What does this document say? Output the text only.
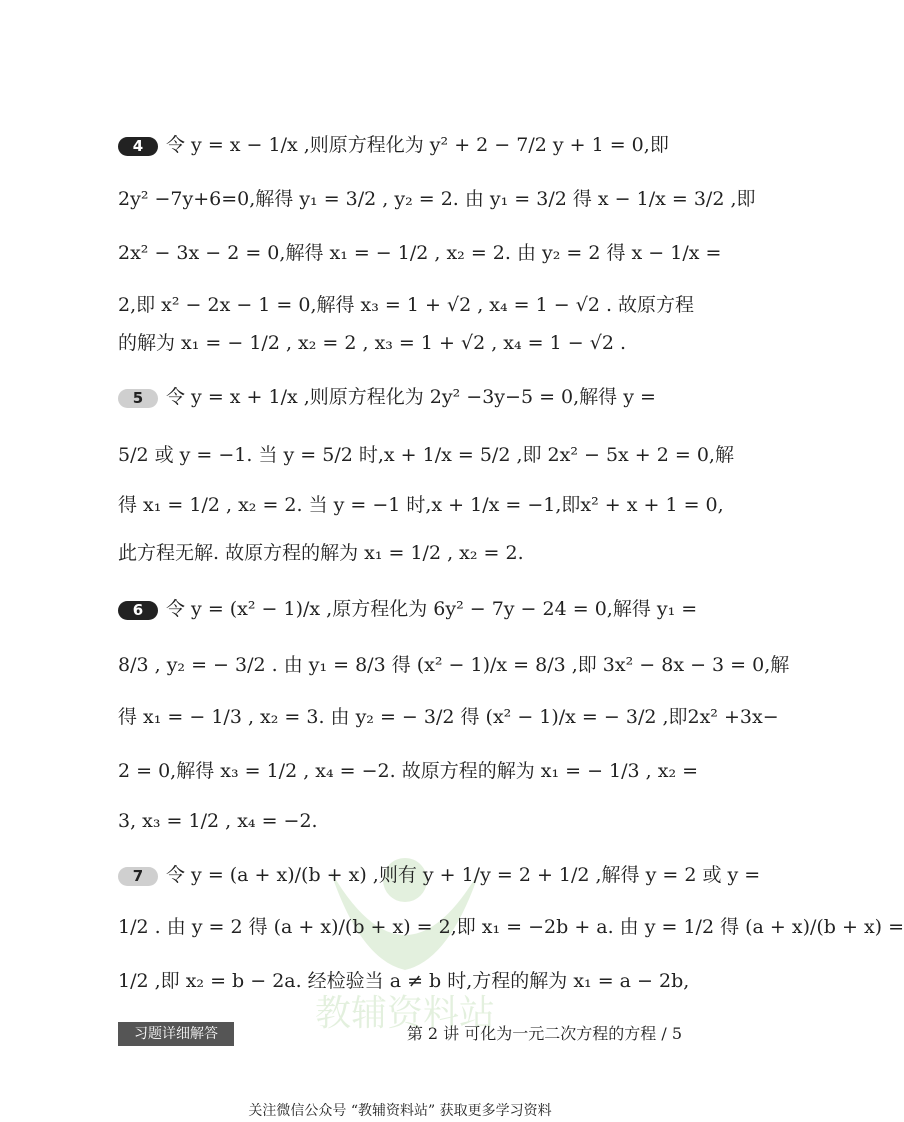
4 令 y = x − 1/x ,则原方程化为 y² + 2 − 7/2 y + 1 = 0,即
2y² −7y+6=0,解得 y₁ = 3/2 , y₂ = 2. 由 y₁ = 3/2 得 x − 1/x = 3/2 ,即
2x² − 3x − 2 = 0,解得 x₁ = − 1/2 , x₂ = 2. 由 y₂ = 2 得 x − 1/x =
2,即 x² − 2x − 1 = 0,解得 x₃ = 1 + √2 , x₄ = 1 − √2 . 故原方程
的解为 x₁ = − 1/2 , x₂ = 2 , x₃ = 1 + √2 , x₄ = 1 − √2 .
5 令 y = x + 1/x ,则原方程化为 2y² −3y−5 = 0,解得 y =
5/2 或 y = −1. 当 y = 5/2 时,x + 1/x = 5/2 ,即 2x² − 5x + 2 = 0,解
得 x₁ = 1/2 , x₂ = 2. 当 y = −1 时,x + 1/x = −1,即x² + x + 1 = 0,
此方程无解. 故原方程的解为 x₁ = 1/2 , x₂ = 2.
6 令 y = (x² − 1)/x ,原方程化为 6y² − 7y − 24 = 0,解得 y₁ =
8/3 , y₂ = − 3/2 . 由 y₁ = 8/3 得 (x² − 1)/x = 8/3 ,即 3x² − 8x − 3 = 0,解
得 x₁ = − 1/3 , x₂ = 3. 由 y₂ = − 3/2 得 (x² − 1)/x = − 3/2 ,即2x² +3x−
2 = 0,解得 x₃ = 1/2 , x₄ = −2. 故原方程的解为 x₁ = − 1/3 , x₂ =
3, x₃ = 1/2 , x₄ = −2.
教辅资料站
7 令 y = (a + x)/(b + x) ,则有 y + 1/y = 2 + 1/2 ,解得 y = 2 或 y =
1/2 . 由 y = 2 得 (a + x)/(b + x) = 2,即 x₁ = −2b + a. 由 y = 1/2 得 (a + x)/(b + x) =
1/2 ,即 x₂ = b − 2a. 经检验当 a ≠ b 时,方程的解为 x₁ = a − 2b,
习题详细解答	第 2 讲 可化为一元二次方程的方程 / 5
关注微信公众号 “教辅资料站” 获取更多学习资料
